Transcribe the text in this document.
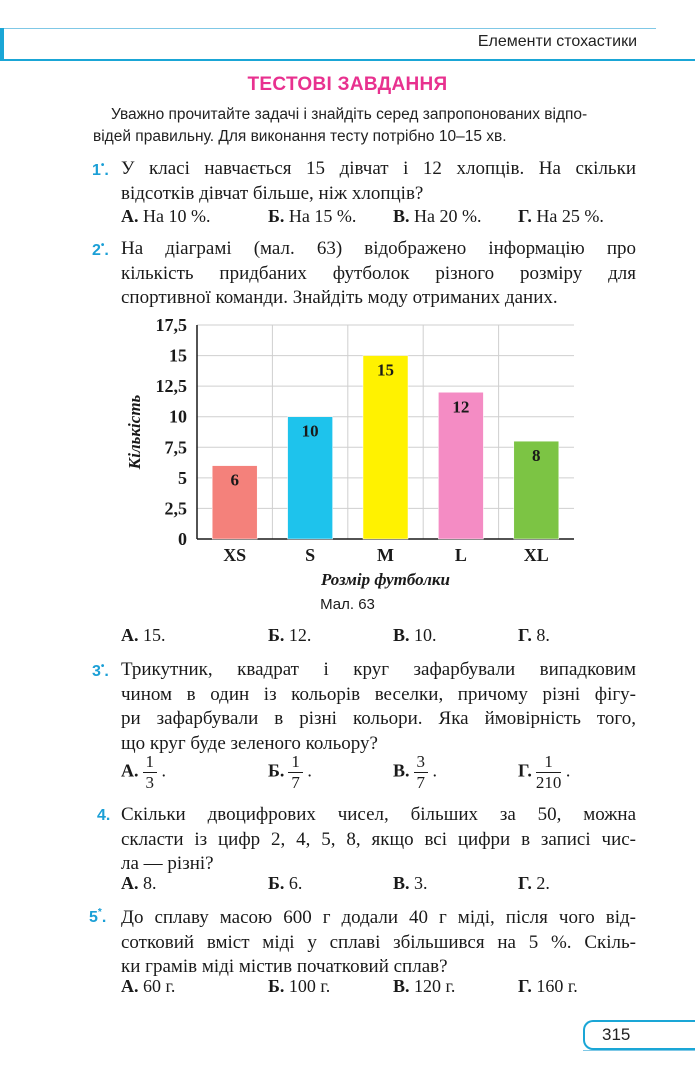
Елементи стохастики
ТЕСТОВІ ЗАВДАННЯ
Уважно прочитайте задачі і знайдіть серед запропонованих відпо-
відей правильну. Для виконання тесту потрібно 10–15 хв.
1•. У класі навчається 15 дівчат і 12 хлопців. На скільки
відсотків дівчат більше, ніж хлопців?
А. На 10 %.	Б. На 15 %. В. На 20 %. Г. На 25 %.
2•. На діаграмі (мал. 63) відображено інформацію про
кількість придбаних футболок різного розміру для
спортивної команди. Знайдіть моду отриманих даних.
0
2,5
5
7,5
10
12,5
15
17,5
6
XS
10
S
15
M
12
L
8
XL
Кількість
Розмір футболки
Мал. 63
А. 15.	Б. 12.	В. 10.	Г. 8.
3•. Трикутник, квадрат і круг зафарбували випадковим
чином в один із кольорів веселки, причому різні фігу-
ри зафарбували в різні кольори. Яка ймовірність того,
що круг буде зеленого кольору?
А. $\frac{1}{3}$ .	Б. $\frac{1}{7}$ .	В. $\frac{3}{7}$ .	Г. $\frac{1}{210}$ .
4. Скільки двоцифрових чисел, більших за 50, можна
скласти із цифр 2, 4, 5, 8, якщо всі цифри в записі чис-
ла — різні?
А. 8.	Б. 6.	В. 3.	Г. 2.
5*. До сплаву масою 600 г додали 40 г міді, після чого від-
сотковий вміст міді у сплаві збільшився на 5 %. Скіль-
ки грамів міді містив початковий сплав?
А. 60 г.	Б. 100 г.	В. 120 г.	Г. 160 г.
315
